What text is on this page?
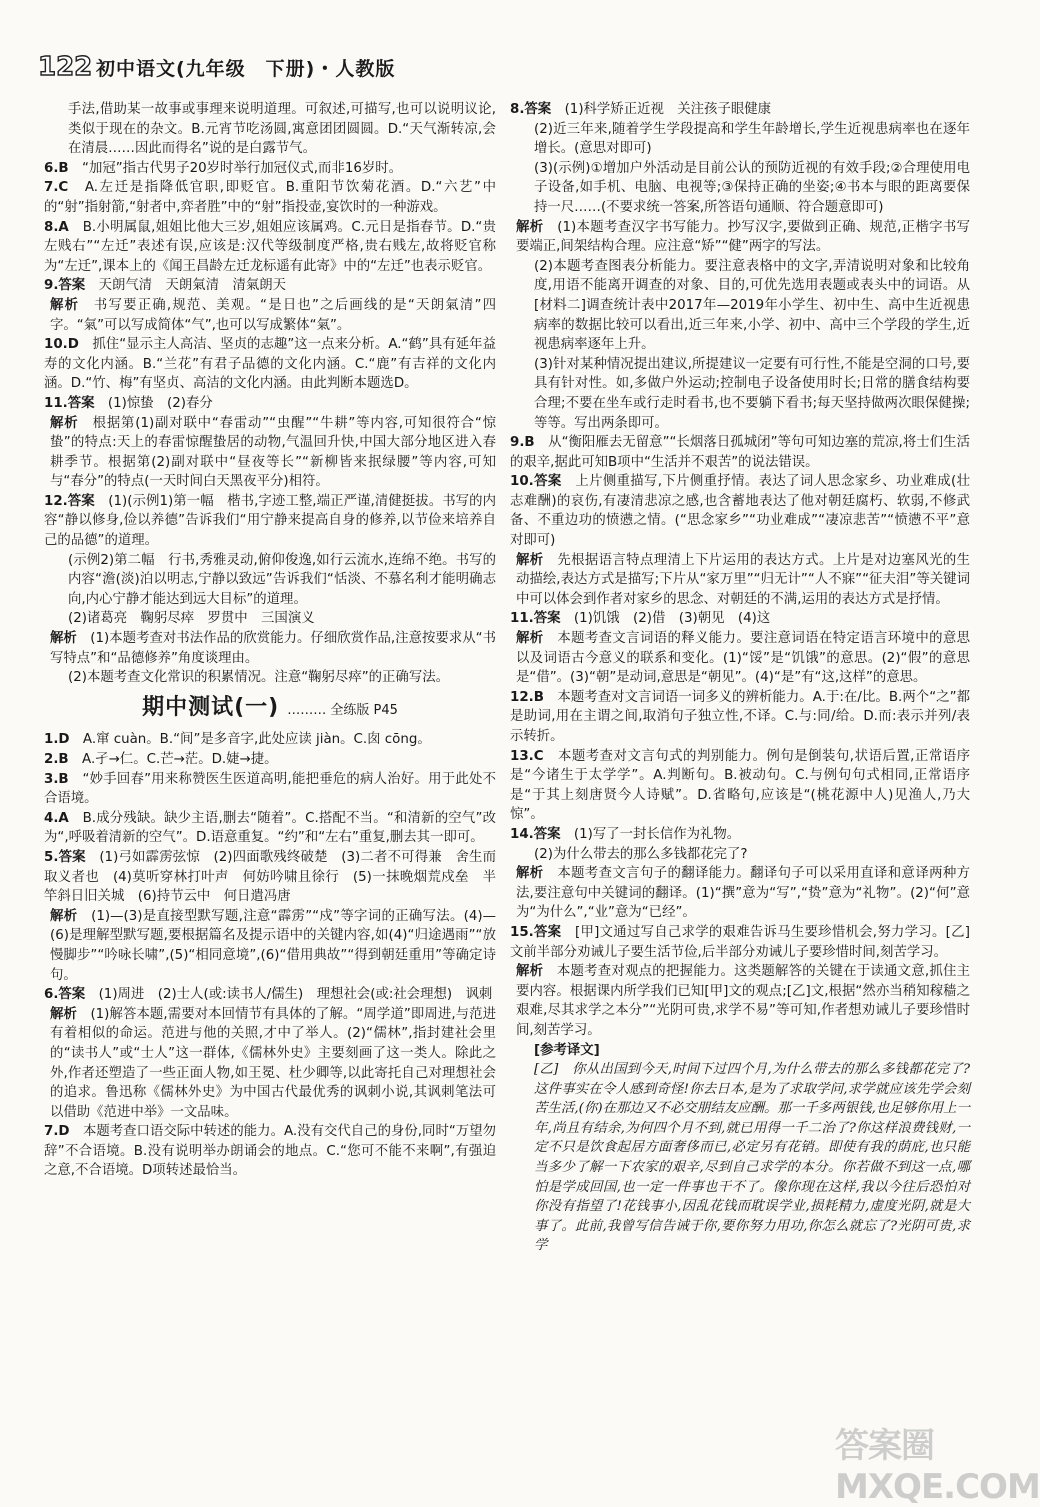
122 初中语文(九年级　下册)・人教版

手法,借助某一故事或事理来说明道理。可叙述,可描写,也可以说明议论,类似于现在的杂文。B.元宵节吃汤圆,寓意团团圆圆。D.“天气渐转凉,会在清晨……因此而得名”说的是白露节气。

6.B　 “加冠”指古代男子20岁时举行加冠仪式,而非16岁时。

7.C　 A.左迁是指降低官职,即贬官。B.重阳节饮菊花酒。D.“六艺”中的“射”指射箭,“射者中,弈者胜”中的“射”指投壶,宴饮时的一种游戏。

8.A　 B.小明属鼠,姐姐比他大三岁,姐姐应该属鸡。C.元日是指春节。D.“贵左贱右”“左迁”表述有误,应该是:汉代等级制度严格,贵右贱左,故将贬官称为“左迁”,课本上的《闻王昌龄左迁龙标遥有此寄》中的“左迁”也表示贬官。

9.答案　 天朗气清　天朗氣清　清氣朗天

解析　 书写要正确,规范、美观。“是日也”之后画线的是“天朗氣清”四字。“氣”可以写成简体“气”,也可以写成繁体“氣”。

10.D　 抓住“显示主人高洁、坚贞的志趣”这一点来分析。A.“鹤”具有延年益寿的文化内涵。B.“兰花”有君子品德的文化内涵。C.“鹿”有吉祥的文化内涵。D.“竹、梅”有坚贞、高洁的文化内涵。由此判断本题选D。

11.答案　 (1)惊蛰　(2)春分

解析　 根据第(1)副对联中“春雷动”“虫醒”“牛耕”等内容,可知很符合“惊蛰”的特点:天上的春雷惊醒蛰居的动物,气温回升快,中国大部分地区进入春耕季节。根据第(2)副对联中“昼夜等长”“新柳皆来抿绿腰”等内容,可知与“春分”的特点(一天时间白天黑夜平分)相符。

12.答案　 (1)(示例1)第一幅　楷书,字迹工整,端正严谨,清健挺拔。书写的内容“静以修身,俭以养德”告诉我们“用宁静来提高自身的修养,以节俭来培养自己的品德”的道理。

(示例2)第二幅　行书,秀雅灵动,俯仰俊逸,如行云流水,连绵不绝。书写的内容“澹(淡)泊以明志,宁静以致远”告诉我们“恬淡、不慕名利才能明确志向,内心宁静才能达到远大目标”的道理。

(2)诸葛亮　鞠躬尽瘁　罗贯中　三国演义

解析　 (1)本题考查对书法作品的欣赏能力。仔细欣赏作品,注意按要求从“书写特点”和“品德修养”角度谈理由。

(2)本题考查文化常识的积累情况。注意“鞠躬尽瘁”的正确写法。

期中测试(一) ……… 全练版 P45

1.D　 A.窜 cuàn。B.“间”是多音字,此处应读 jiàn。C.囱 cōng。

2.B　 A.孑→仁。C.芒→茫。D.婕→捷。

3.B　 “妙手回春”用来称赞医生医道高明,能把垂危的病人治好。用于此处不合语境。

4.A　 B.成分残缺。缺少主语,删去“随着”。C.搭配不当。“和清新的空气”改为“,呼吸着清新的空气”。D.语意重复。“约”和“左右”重复,删去其一即可。

5.答案　 (1)弓如霹雳弦惊　(2)四面歌残终破楚　(3)二者不可得兼　舍生而取义者也　(4)莫听穿林打叶声　何妨吟啸且徐行　(5)一抹晚烟荒戍垒　半竿斜日旧关城　(6)持节云中　何日遣冯唐

解析　 (1)—(3)是直接型默写题,注意“霹雳”“戍”等字词的正确写法。(4)—(6)是理解型默写题,要根据篇名及提示语中的关键内容,如(4)“归途遇雨”“放慢脚步”“吟咏长啸”,(5)“相同意境”,(6)“借用典故”“得到朝廷重用”等确定诗句。

6.答案　 (1)周进　(2)士人(或:读书人/儒生)　理想社会(或:社会理想)　讽刺

解析　 (1)解答本题,需要对本回情节有具体的了解。“周学道”即周进,与范进有着相似的命运。范进与他的关照,才中了举人。(2)“儒林”,指封建社会里的“读书人”或“士人”这一群体,《儒林外史》主要刻画了这一类人。除此之外,作者还塑造了一些正面人物,如王冕、杜少卿等,以此寄托自己对理想社会的追求。鲁迅称《儒林外史》为中国古代最优秀的讽刺小说,其讽刺笔法可以借助《范进中举》一文品味。

7.D　 本题考查口语交际中转述的能力。A.没有交代自己的身份,同时“万望勿辞”不合语境。B.没有说明举办朗诵会的地点。C.“您可不能不来啊”,有强迫之意,不合语境。D项转述最恰当。

8.答案　 (1)科学矫正近视　关注孩子眼健康

(2)近三年来,随着学生学段提高和学生年龄增长,学生近视患病率也在逐年增长。(意思对即可)

(3)(示例)①增加户外活动是目前公认的预防近视的有效手段;②合理使用电子设备,如手机、电脑、电视等;③保持正确的坐姿;④书本与眼的距离要保持一尺……(不要求统一答案,所答语句通顺、符合题意即可)

解析　 (1)本题考查汉字书写能力。抄写汉字,要做到正确、规范,正楷字书写要端正,间架结构合理。应注意“矫”“健”两字的写法。

(2)本题考查图表分析能力。要注意表格中的文字,弄清说明对象和比较角度,用语不能离开调查的对象、目的,可优先选用表题或表头中的词语。从[材料二]调查统计表中2017年—2019年小学生、初中生、高中生近视患病率的数据比较可以看出,近三年来,小学、初中、高中三个学段的学生,近视患病率逐年上升。

(3)针对某种情况提出建议,所提建议一定要有可行性,不能是空洞的口号,要具有针对性。如,多做户外运动;控制电子设备使用时长;日常的膳食结构要合理;不要在坐车或行走时看书,也不要躺下看书;每天坚持做两次眼保健操;等等。写出两条即可。

9.B　 从“衡阳雁去无留意”“长烟落日孤城闭”等句可知边塞的荒凉,将士们生活的艰辛,据此可知B项中“生活并不艰苦”的说法错误。

10.答案　 上片侧重描写,下片侧重抒情。表达了词人思念家乡、功业难成(壮志难酬)的哀伤,有凄清悲凉之感,也含蓄地表达了他对朝廷腐朽、软弱,不修武备、不重边功的愤懑之情。(“思念家乡”“功业难成”“凄凉悲苦”“愤懑不平”意对即可)

解析　 先根据语言特点理清上下片运用的表达方式。上片是对边塞风光的生动描绘,表达方式是描写;下片从“家万里”“归无计”“人不寐”“征夫泪”等关键词中可以体会到作者对家乡的思念、对朝廷的不满,运用的表达方式是抒情。

11.答案　 (1)饥饿　(2)借　(3)朝见　(4)这

解析　 本题考查文言词语的释义能力。要注意词语在特定语言环境中的意思以及词语古今意义的联系和变化。(1)“馁”是“饥饿”的意思。(2)“假”的意思是“借”。(3)“朝”是动词,意思是“朝见”。(4)“是”有“这,这样”的意思。

12.B　 本题考查对文言词语一词多义的辨析能力。A.于:在/比。B.两个“之”都是助词,用在主谓之间,取消句子独立性,不译。C.与:同/给。D.而:表示并列/表示转折。

13.C　 本题考查对文言句式的判别能力。例句是倒装句,状语后置,正常语序是“今诸生于太学学”。A.判断句。B.被动句。C.与例句句式相同,正常语序是“于其上刻唐贤今人诗赋”。D.省略句,应该是“(桃花源中人)见渔人,乃大惊”。

14.答案　 (1)写了一封长信作为礼物。

(2)为什么带去的那么多钱都花完了?

解析　 本题考查文言句子的翻译能力。翻译句子可以采用直译和意译两种方法,要注意句中关键词的翻译。(1)“撰”意为“写”,“贽”意为“礼物”。(2)“何”意为“为什么”,“业”意为“已经”。

15.答案　 [甲]文通过写自己求学的艰难告诉马生要珍惜机会,努力学习。[乙]文前半部分劝诫儿子要生活节俭,后半部分劝诫儿子要珍惜时间,刻苦学习。

解析　 本题考查对观点的把握能力。这类题解答的关键在于读通文意,抓住主要内容。根据课内所学我们已知[甲]文的观点;[乙]文,根据“然亦当稍知稼穑之艰难,尽其求学之本分”“光阴可贵,求学不易”等可知,作者想劝诫儿子要珍惜时间,刻苦学习。

[参考译文]

[乙]　你从出国到今天,时间下过四个月,为什么带去的那么多钱都花完了?这件事实在令人感到奇怪!你去日本,是为了求取学问,求学就应该先学会刻苦生活,(你)在那边又不必交朋结友应酬。那一千多两银钱,也足够你用上一年,尚且有结余,为何四个月不到,就已用得一千二治了?你这样浪费钱财,一定不只是饮食起居方面奢侈而已,必定另有花销。即使有我的荫庇,也只能当多少了解一下农家的艰辛,尽到自己求学的本分。你若做不到这一点,哪怕是学成回国,也一定一件事也干不了。像你现在这样,我以今往后恐怕对你没有指望了!花钱事小,因乱花钱而耽误学业,损耗精力,虚度光阴,就是大事了。此前,我曾写信告诫于你,要你努力用功,你怎么就忘了?光阴可贵,求学

答案圈 MXQE.COM
